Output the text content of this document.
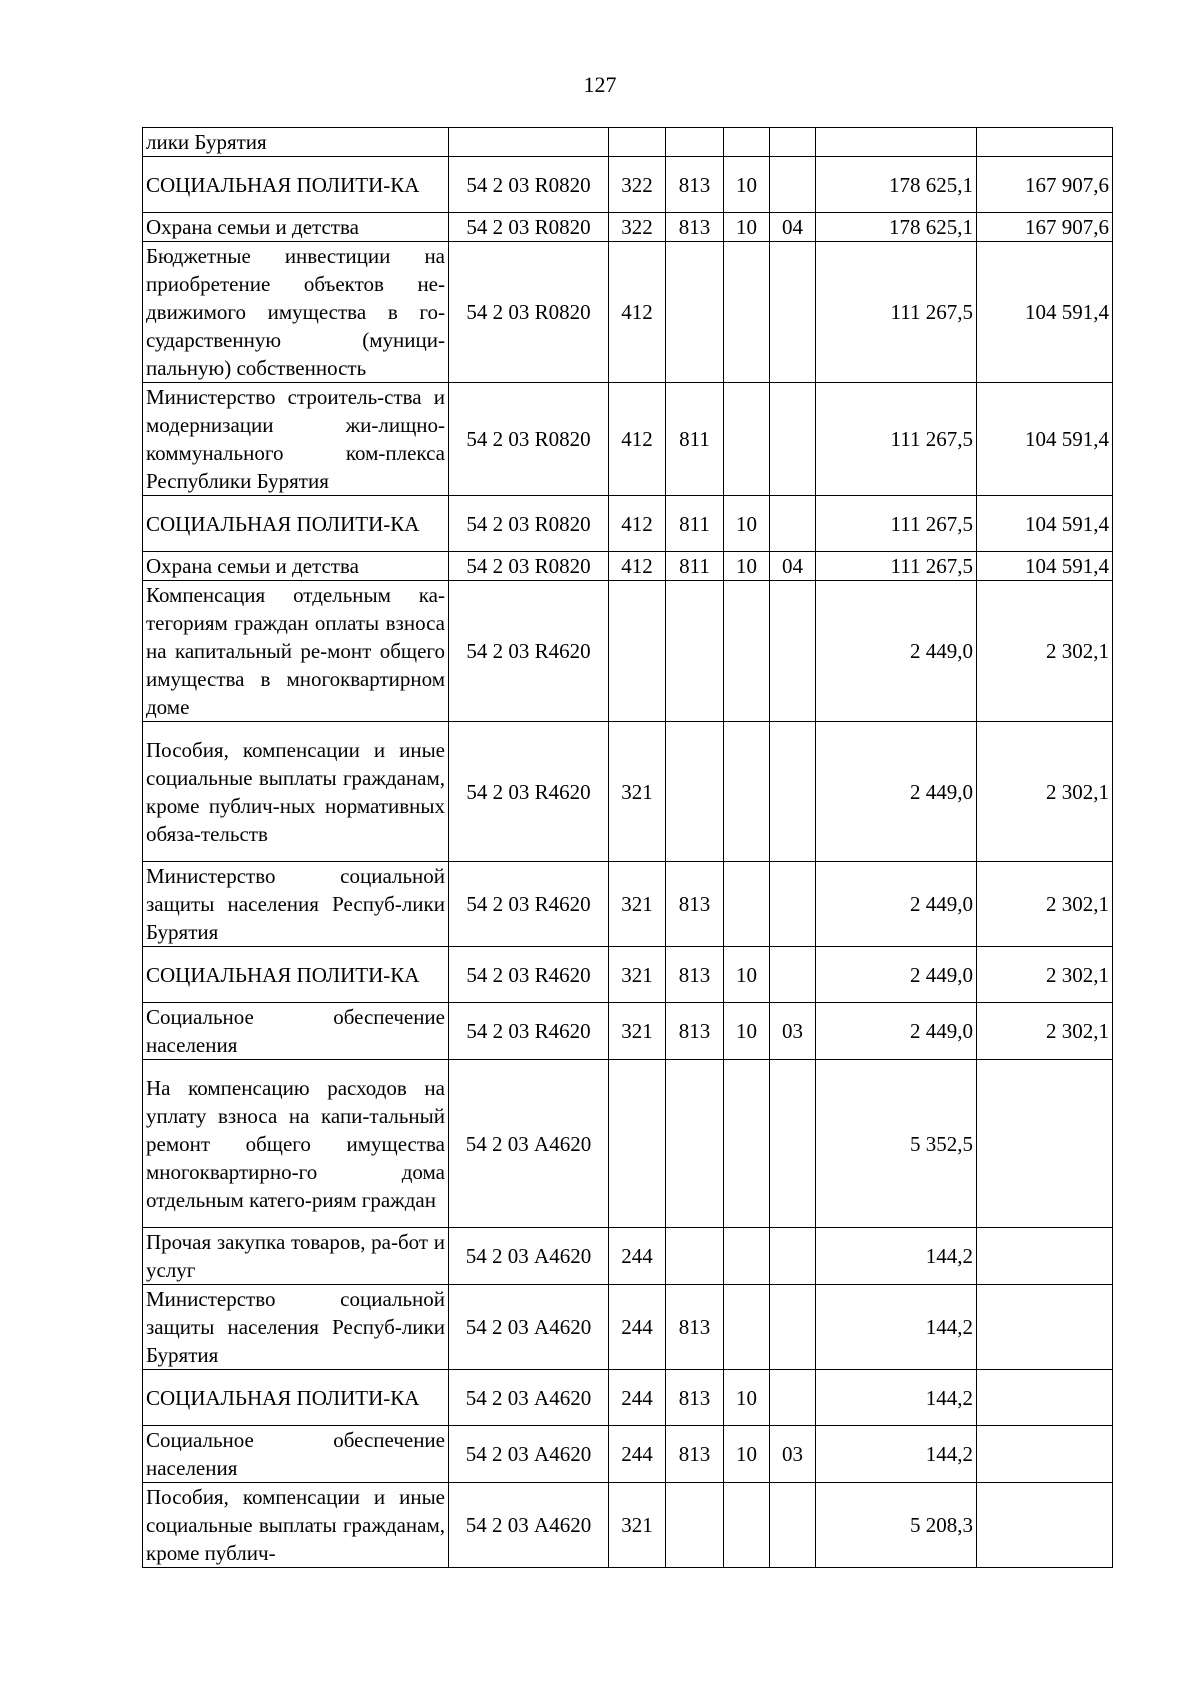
127
лики Бурятия							
СОЦИАЛЬНАЯ ПОЛИТИ-КА	54 2 03 R0820	322	813	10		178 625,1	167 907,6
Охрана семьи и детства	54 2 03 R0820	322	813	10	04	178 625,1	167 907,6
Бюджетные инвестиции на приобретение объектов не-движимого имущества в го-сударственную (муници-пальную) собственность	54 2 03 R0820	412				111 267,5	104 591,4
Министерство строитель-ства и модернизации жи-лищно-коммунального ком-плекса Республики Бурятия	54 2 03 R0820	412	811			111 267,5	104 591,4
СОЦИАЛЬНАЯ ПОЛИТИ-КА	54 2 03 R0820	412	811	10		111 267,5	104 591,4
Охрана семьи и детства	54 2 03 R0820	412	811	10	04	111 267,5	104 591,4
Компенсация отдельным ка-тегориям граждан оплаты взноса на капитальный ре-монт общего имущества в многоквартирном доме	54 2 03 R4620					2 449,0	2 302,1
Пособия, компенсации и иные социальные выплаты гражданам, кроме публич-ных нормативных обяза-тельств	54 2 03 R4620	321				2 449,0	2 302,1
Министерство социальной защиты населения Респуб-лики Бурятия	54 2 03 R4620	321	813			2 449,0	2 302,1
СОЦИАЛЬНАЯ ПОЛИТИ-КА	54 2 03 R4620	321	813	10		2 449,0	2 302,1
Социальное обеспечение населения	54 2 03 R4620	321	813	10	03	2 449,0	2 302,1
На компенсацию расходов на уплату взноса на капи-тальный ремонт общего имущества многоквартирно-го дома отдельным катего-риям граждан	54 2 03 А4620					5 352,5	
Прочая закупка товаров, ра-бот и услуг	54 2 03 А4620	244				144,2	
Министерство социальной защиты населения Респуб-лики Бурятия	54 2 03 А4620	244	813			144,2	
СОЦИАЛЬНАЯ ПОЛИТИ-КА	54 2 03 А4620	244	813	10		144,2	
Социальное обеспечение населения	54 2 03 А4620	244	813	10	03	144,2	
Пособия, компенсации и иные социальные выплаты гражданам, кроме публич-	54 2 03 А4620	321				5 208,3	
